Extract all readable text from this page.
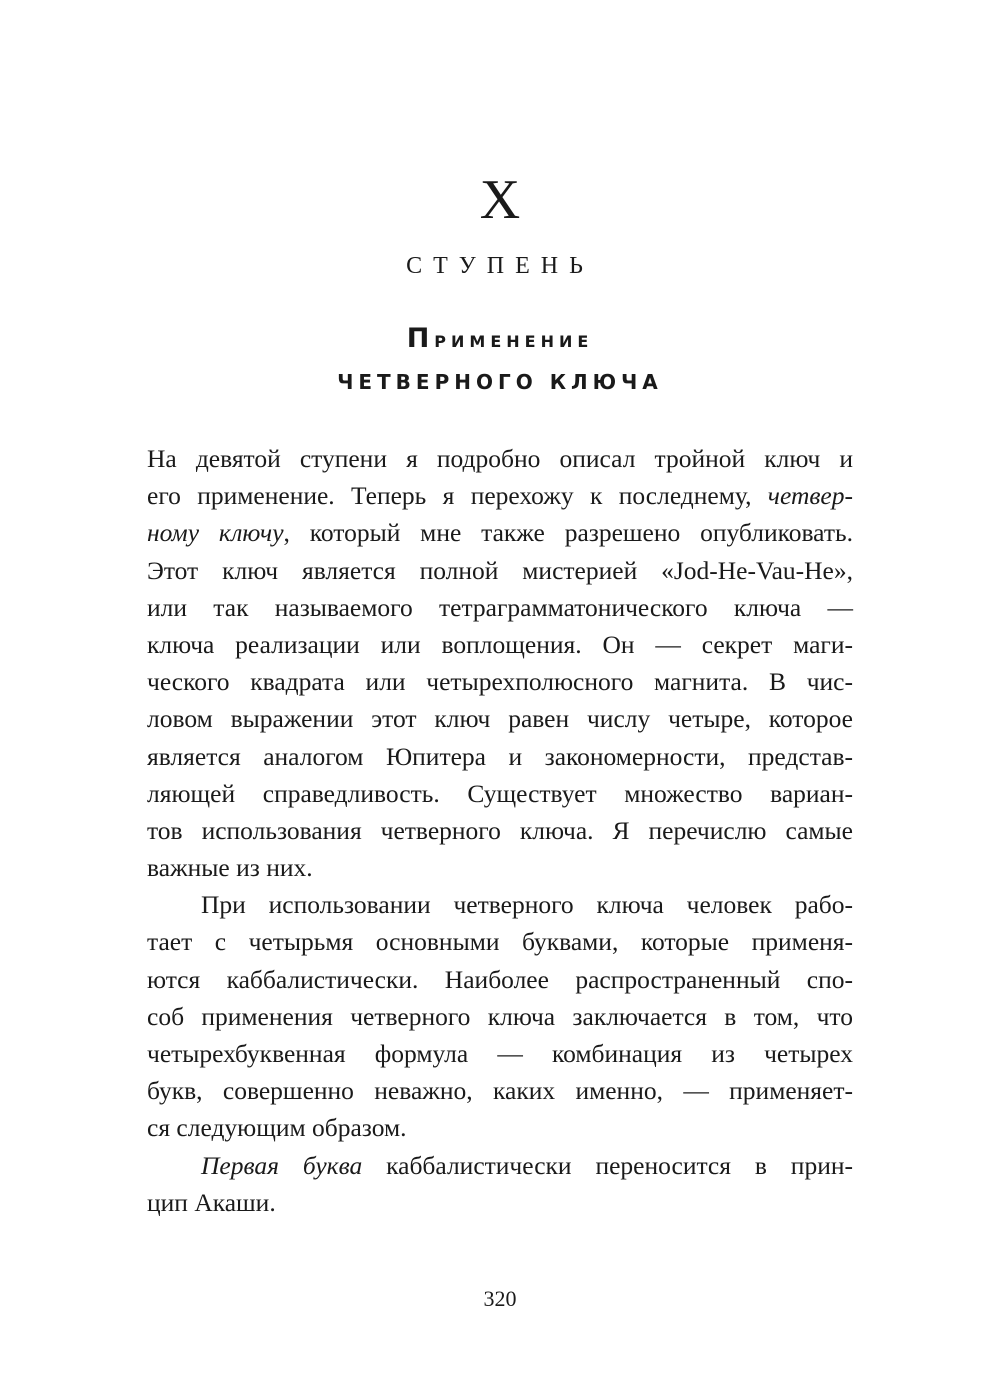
X
СТУПЕНЬ
Применение
ЧЕТВЕРНОГО КЛЮЧА
На девятой ступени я подробно описал тройной ключ и
его применение. Теперь я перехожу к последнему, четвер-
ному ключу, который мне также разрешено опубликовать.
Этот ключ является полной мистерией «Jod-He-Vau-He»,
или так называемого тетраграмматонического ключа —
ключа реализации или воплощения. Он — секрет маги-
ческого квадрата или четырехполюсного магнита. В чис-
ловом выражении этот ключ равен числу четыре, которое
является аналогом Юпитера и закономерности, представ-
ляющей справедливость. Существует множество вариан-
тов использования четверного ключа. Я перечислю самые
важные из них.
При использовании четверного ключа человек рабо-
тает с четырьмя основными буквами, которые применя-
ются каббалистически. Наиболее распространенный спо-
соб применения четверного ключа заключается в том, что
четырехбуквенная формула — комбинация из четырех
букв, совершенно неважно, каких именно, — применяет-
ся следующим образом.
Первая буква каббалистически переносится в прин-
цип Акаши.
320
